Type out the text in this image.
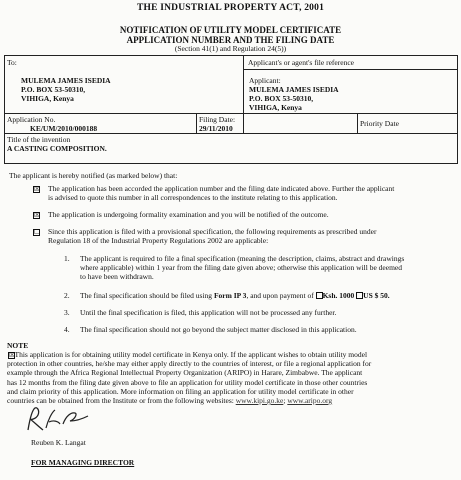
THE INDUSTRIAL PROPERTY ACT, 2001
NOTIFICATION OF UTILITY MODEL CERTIFICATE
APPLICATION NUMBER AND THE FILING DATE
(Section 41(1) and Regulation 24(5))
To:
MULEMA JAMES ISEDIA
P.O. BOX 53-50310,
VIHIGA, Kenya
Applicant's or agent's file reference
Applicant:
MULEMA JAMES ISEDIA
P.O. BOX 53-50310,
VIHIGA, Kenya
Application No.
KE/UM/2010/000188
Filing Date:
29/11/2010
Priority Date
Title of the invention
A CASTING COMPOSITION.
The applicant is hereby notified (as marked below) that:
☒ The application has been accorded the application number and the filing date indicated above. Further the applicant
is advised to quote this number in all correspondences to the institute relating to this application.
☒ The application is undergoing formality examination and you will be notified of the outcome.
☐ Since this application is filed with a provisional specification, the following requirements as prescribed under
Regulation 18 of the Industrial Property Regulations 2002 are applicable:
1. The applicant is required to file a final specification (meaning the description, claims, abstract and drawings
where applicable) within 1 year from the filing date given above; otherwise this application will be deemed
to have been withdrawn.
2. The final specification should be filed using Form IP 3, and upon payment of Ksh. 1000 US $ 50.
3. Until the final specification is filed, this application will not be processed any further.
4. The final specification should not go beyond the subject matter disclosed in this application.
NOTE
☒ This application is for obtaining utility model certificate in Kenya only. If the applicant wishes to obtain utility model
protection in other countries, he/she may either apply directly to the countries of interest, or file a regional application for
example through the Africa Regional Intellectual Property Organization (ARIPO) in Harare, Zimbabwe. The applicant
has 12 months from the filing date given above to file an application for utility model certificate in those other countries
and claim priority of this application. More information on filing an application for utility model certificate in other
countries can be obtained from the Institute or from the following websites: www.kipi.go.ke; www.aripo.org
Reuben K. Langat
FOR MANAGING DIRECTOR
